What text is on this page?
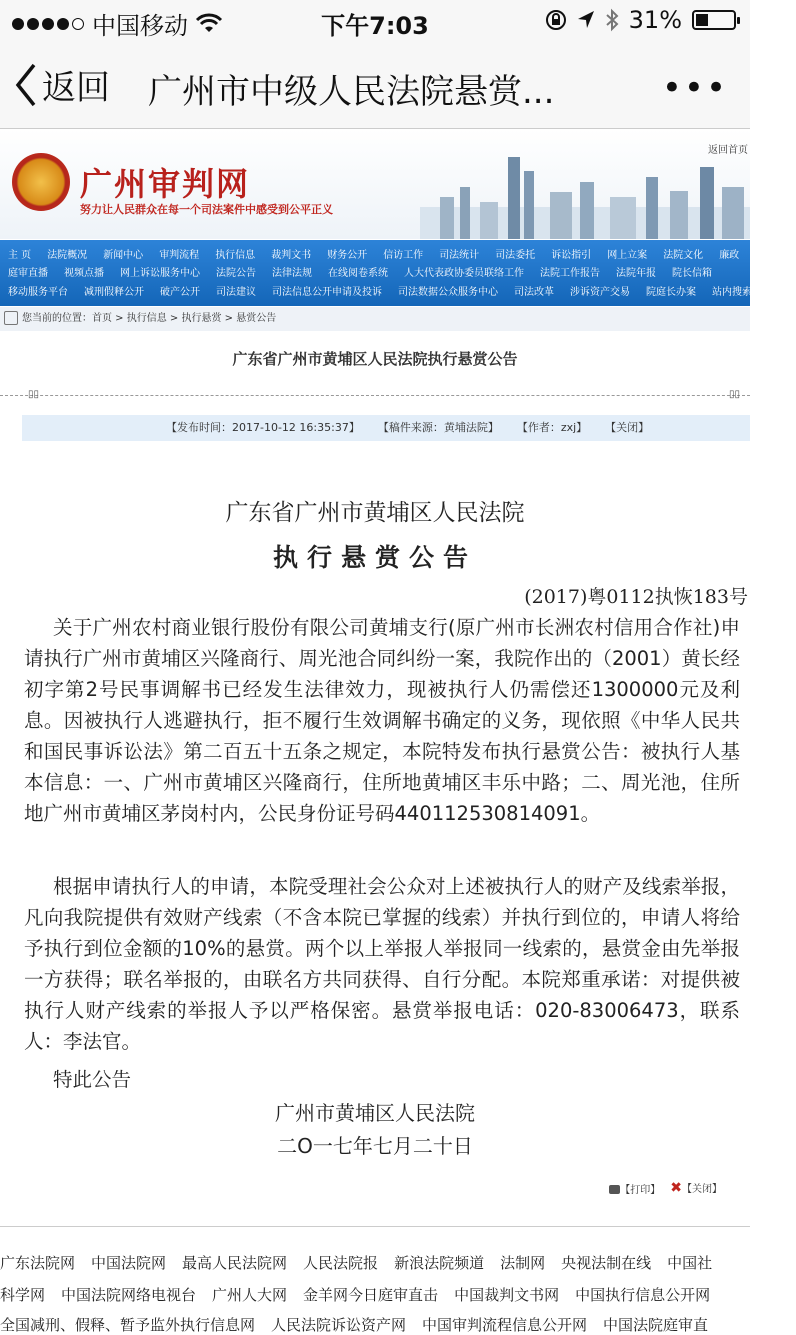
中国移动	下午7:03	31%
返回 广州市中级人民法院悬赏...	•••
广州审判网
努力让人民群众在每一个司法案件中感受到公平正义
返回首页
主 页 法院概况 新闻中心 审判流程 执行信息 裁判文书 财务公开 信访工作 司法统计 司法委托 诉讼指引 网上立案 法院文化 廉政
庭审直播 视频点播 网上诉讼服务中心 法院公告 法律法规 在线阅卷系统 人大代表政协委员联络工作 法院工作报告 法院年报 院长信箱
移动服务平台 减刑假释公开 破产公开 司法建议 司法信息公开申请及投诉 司法数据公众服务中心 司法改革 涉诉资产交易 院庭长办案 站内搜索 法院
您当前的位置：首页 > 执行信息 > 执行悬赏 > 悬赏公告
广东省广州市黄埔区人民法院执行悬赏公告
▯▯	▯▯
【发布时间：2017-10-12 16:35:37】 【稿件来源：黄埔法院】 【作者：zxj】 【关闭】
广东省广州市黄埔区人民法院
执行悬赏公告
(2017)粤0112执恢183号
关于广州农村商业银行股份有限公司黄埔支行(原广州市长洲农村信用合作社)申请执行广州市黄埔区兴隆商行、周光池合同纠纷一案，我院作出的（2001）黄长经初字第2号民事调解书已经发生法律效力，现被执行人仍需偿还1300000元及利息。因被执行人逃避执行，拒不履行生效调解书确定的义务，现依照《中华人民共和国民事诉讼法》第二百五十五条之规定，本院特发布执行悬赏公告：被执行人基本信息：一、广州市黄埔区兴隆商行，住所地黄埔区丰乐中路；二、周光池，住所地广州市黄埔区茅岗村内，公民身份证号码440112530814091。
根据申请执行人的申请，本院受理社会公众对上述被执行人的财产及线索举报，凡向我院提供有效财产线索（不含本院已掌握的线索）并执行到位的，申请人将给予执行到位金额的10%的悬赏。两个以上举报人举报同一线索的，悬赏金由先举报一方获得；联名举报的，由联名方共同获得、自行分配。本院郑重承诺：对提供被执行人财产线索的举报人予以严格保密。悬赏举报电话：020-83006473，联系人：李法官。
特此公告
广州市黄埔区人民法院
二O一七年七月二十日
【打印】 ✖【关闭】
广东法院网 中国法院网 最高人民法院网 人民法院报 新浪法院频道 法制网 央视法制在线 中国社
科学网 中国法院网络电视台 广州人大网 金羊网今日庭审直击 中国裁判文书网 中国执行信息公开网
全国减刑、假释、暂予监外执行信息网 人民法院诉讼资产网 中国审判流程信息公开网 中国法院庭审直
